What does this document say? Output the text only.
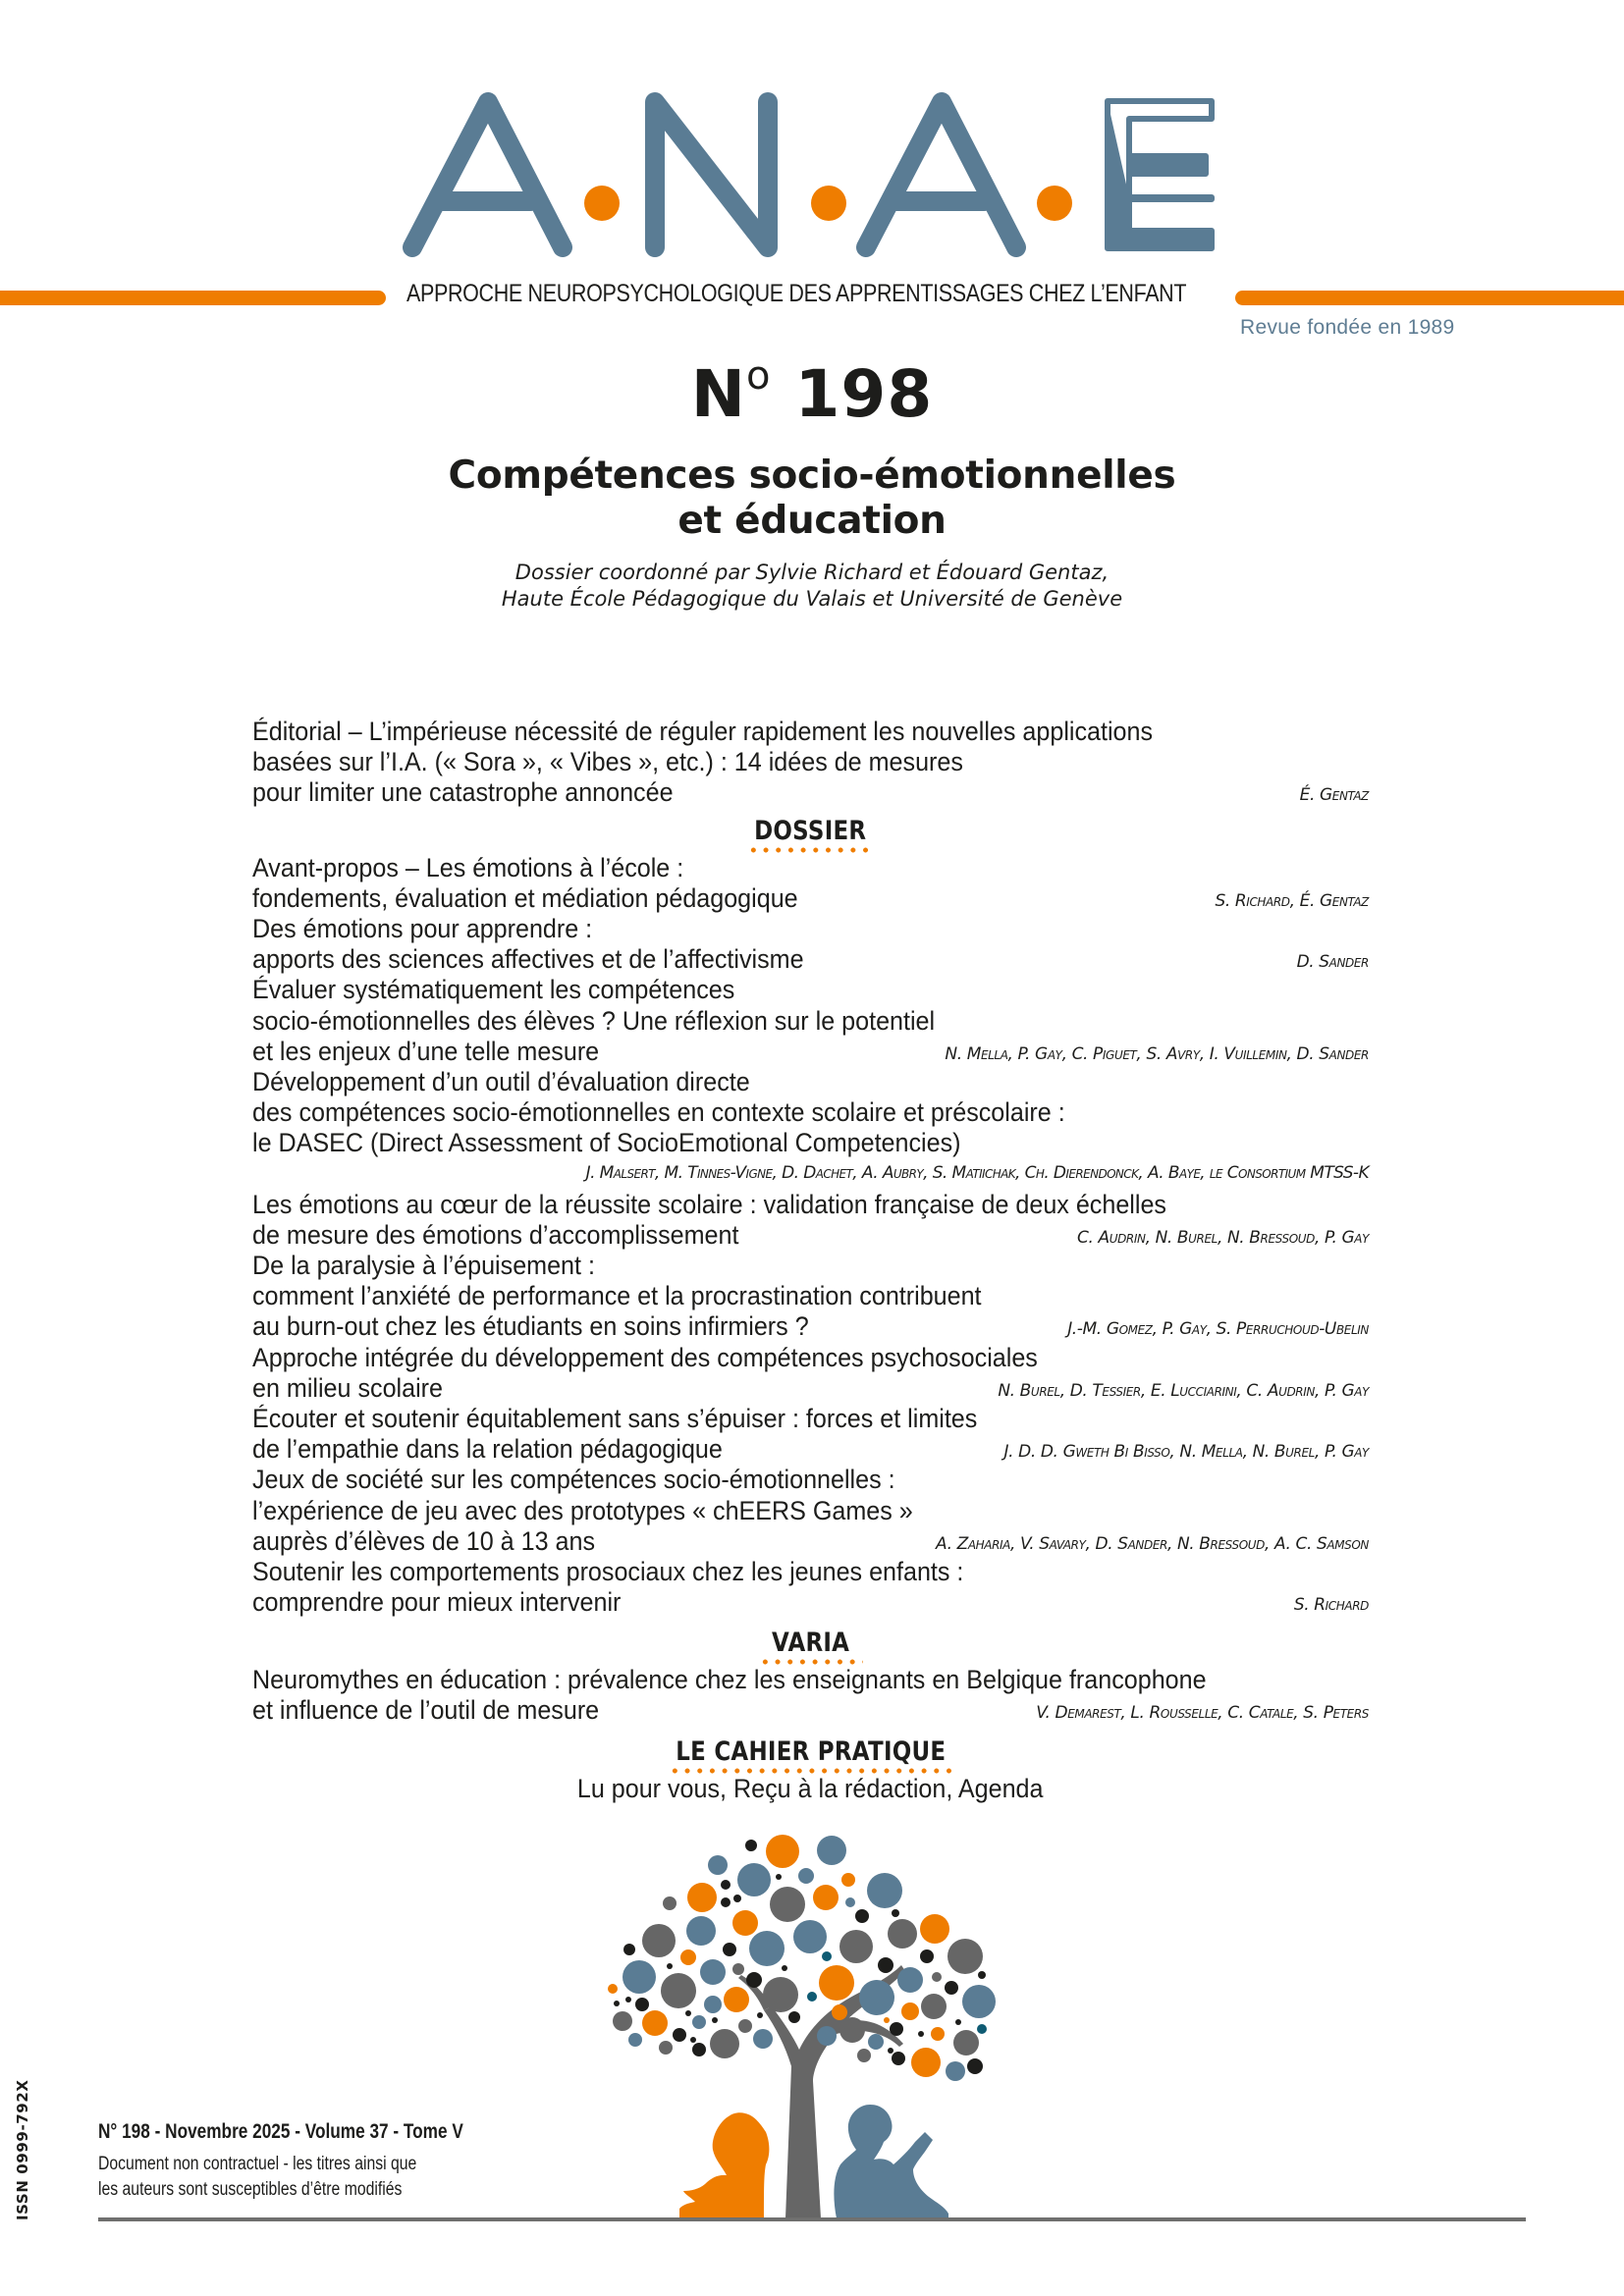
APPROCHE NEUROPSYCHOLOGIQUE DES APPRENTISSAGES CHEZ L’ENFANT
Revue fondée en 1989
$N^o$ 198
Compétences socio-émotionnelles
et éducation
Dossier coordonné par Sylvie Richard et Édouard Gentaz,
Haute École Pédagogique du Valais et Université de Genève
Éditorial – L’impérieuse nécessité de réguler rapidement les nouvelles applications
basées sur l’I.A. (« Sora », « Vibes », etc.) : 14 idées de mesures
pour limiter une catastrophe annoncée	É. Gentaz
DOSSIER
Avant-propos – Les émotions à l’école :
fondements, évaluation et médiation pédagogique	S. Richard, É. Gentaz
Des émotions pour apprendre :
apports des sciences affectives et de l’affectivisme	D. Sander
Évaluer systématiquement les compétences
socio-émotionnelles des élèves ? Une réflexion sur le potentiel
et les enjeux d’une telle mesure	N. Mella, P. Gay, C. Piguet, S. Avry, I. Vuillemin, D. Sander
Développement d’un outil d’évaluation directe
des compétences socio-émotionnelles en contexte scolaire et préscolaire :
le DASEC (Direct Assessment of SocioEmotional Competencies)
J. Malsert, M. Tinnes-Vigne, D. Dachet, A. Aubry, S. Matiichak, Ch. Dierendonck, A. Baye, le Consortium MTSS-K
Les émotions au cœur de la réussite scolaire : validation française de deux échelles
de mesure des émotions d’accomplissement	C. Audrin, N. Burel, N. Bressoud, P. Gay
De la paralysie à l’épuisement :
comment l’anxiété de performance et la procrastination contribuent
au burn-out chez les étudiants en soins infirmiers ?	J.-M. Gomez, P. Gay, S. Perruchoud-Ubelin
Approche intégrée du développement des compétences psychosociales
en milieu scolaire	N. Burel, D. Tessier, E. Lucciarini, C. Audrin, P. Gay
Écouter et soutenir équitablement sans s’épuiser : forces et limites
de l’empathie dans la relation pédagogique	J. D. D. Gweth Bi Bisso, N. Mella, N. Burel, P. Gay
Jeux de société sur les compétences socio-émotionnelles :
l’expérience de jeu avec des prototypes « chEERS Games »
auprès d’élèves de 10 à 13 ans	A. Zaharia, V. Savary, D. Sander, N. Bressoud, A. C. Samson
Soutenir les comportements prosociaux chez les jeunes enfants :
comprendre pour mieux intervenir	S. Richard
VARIA
Neuromythes en éducation : prévalence chez les enseignants en Belgique francophone
et influence de l’outil de mesure	V. Demarest, L. Rousselle, C. Catale, S. Peters
LE CAHIER PRATIQUE
Lu pour vous, Reçu à la rédaction, Agenda
ISSN 0999-792X	N° 198 - Novembre 2025 - Volume 37 - Tome V
Document non contractuel - les titres ainsi que
les auteurs sont susceptibles d’être modifiés
